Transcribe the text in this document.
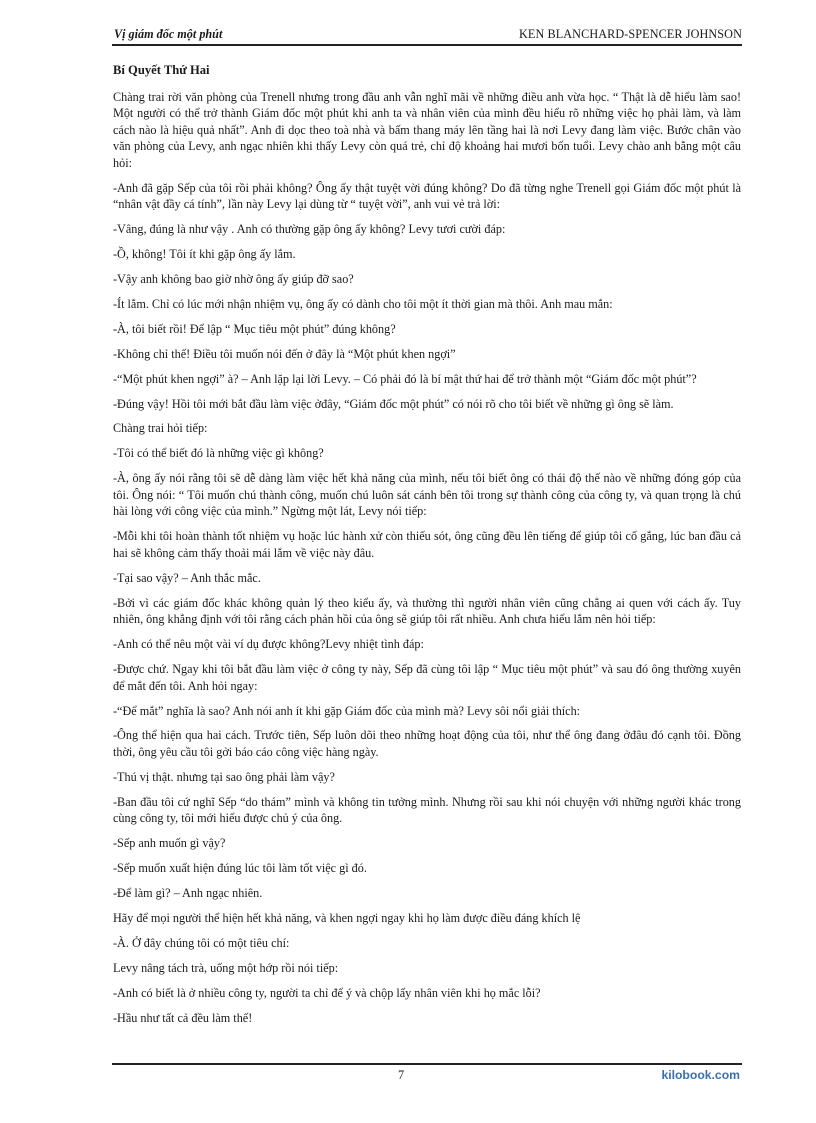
Vị giám đốc một phút	KEN BLANCHARD-SPENCER JOHNSON
Bí Quyết Thứ Hai

Chàng trai rời văn phòng của Trenell nhưng trong đầu anh vẫn nghĩ mãi về những điều anh vừa học. “ Thật là dễ hiểu làm sao! Một người có thể trở thành Giám đốc một phút khi anh ta và nhân viên của mình đều hiểu rõ những việc họ phải làm, và làm cách nào là hiệu quả nhất”. Anh đi dọc theo toà nhà và bấm thang máy lên tầng hai là nơi Levy đang làm việc. Bước chân vào văn phòng của Levy, anh ngạc nhiên khi thấy Levy còn quá trẻ, chỉ độ khoảng hai mươi bốn tuổi. Levy chào anh bằng một câu hỏi:

-Anh đã gặp Sếp của tôi rồi phải không? Ông ấy thật tuyệt vời đúng không? Do đã từng nghe Trenell gọi Giám đốc một phút là “nhân vật đầy cá tính”, lần này Levy lại dùng từ “ tuyệt vời”, anh vui vẻ trả lời:

-Vâng, đúng là như vậy . Anh có thường gặp ông ấy không? Levy tươi cười đáp:

-Ồ, không! Tôi ít khi gặp ông ấy lắm.

-Vậy anh không bao giờ nhờ ông ấy giúp đỡ sao?

-Ít lắm. Chỉ có lúc mới nhận nhiệm vụ, ông ấy có dành cho tôi một ít thời gian mà thôi. Anh mau mắn:

-À, tôi biết rồi! Để lập “ Mục tiêu một phút” đúng không?

-Không chỉ thế! Điều tôi muốn nói đến ở đây là “Một phút khen ngợi”

-“Một phút khen ngợi” à? – Anh lặp lại lời Levy. – Có phải đó là bí mật thứ hai để trở thành một “Giám đốc một phút”?

-Đúng vậy! Hồi tôi mới bắt đầu làm việc ởđây, “Giám đốc một phút” có nói rõ cho tôi biết về những gì ông sẽ làm.

Chàng trai hỏi tiếp:

-Tôi có thể biết đó là những việc gì không?

-À, ông ấy nói rằng tôi sẽ dễ dàng làm việc hết khả năng của mình, nếu tôi biết ông có thái độ thế nào về những đóng góp của tôi. Ông nói: “ Tôi muốn chú thành công, muốn chú luôn sát cánh bên tôi trong sự thành công của công ty, và quan trọng là chú hài lòng với công việc của mình.” Ngừng một lát, Levy nói tiếp:

-Mỗi khi tôi hoàn thành tốt nhiệm vụ hoặc lúc hành xử còn thiếu sót, ông cũng đều lên tiếng để giúp tôi cố gắng, lúc ban đầu cả hai sẽ không cảm thấy thoải mái lắm về việc này đâu.

-Tại sao vậy? – Anh thắc mắc.

-Bởi vì các giám đốc khác không quản lý theo kiểu ấy, và thường thì người nhân viên cũng chẳng ai quen với cách ấy. Tuy nhiên, ông khẳng định với tôi rằng cách phản hồi của ông sẽ giúp tôi rất nhiều. Anh chưa hiểu lắm nên hỏi tiếp:

-Anh có thể nêu một vài ví dụ được không?Levy nhiệt tình đáp:

-Được chứ. Ngay khi tôi bắt đầu làm việc ở công ty này, Sếp đã cùng tôi lập “ Mục tiêu một phút” và sau đó ông thường xuyên để mắt đến tôi. Anh hỏi ngay:

-“Để mắt” nghĩa là sao? Anh nói anh ít khi gặp Giám đốc của mình mà? Levy sôi nổi giải thích:

-Ông thể hiện qua hai cách. Trước tiên, Sếp luôn dõi theo những hoạt động của tôi, như thể ông đang ởđâu đó cạnh tôi. Đồng thời, ông yêu cầu tôi gởi báo cáo công việc hàng ngày.

-Thú vị thật. nhưng tại sao ông phải làm vậy?

-Ban đầu tôi cứ nghĩ Sếp “do thám” mình và không tin tưởng mình. Nhưng rồi sau khi nói chuyện với những người khác trong cùng công ty, tôi mới hiểu được chủ ý của ông.

-Sếp anh muốn gì vậy?

-Sếp muốn xuất hiện đúng lúc tôi làm tốt việc gì đó.

-Để làm gì? – Anh ngạc nhiên.

Hãy để mọi người thể hiện hết khả năng, và khen ngợi ngay khi họ làm được điều đáng khích lệ

-À. Ở đây chúng tôi có một tiêu chí:

Levy nâng tách trà, uống một hớp rồi nói tiếp:

-Anh có biết là ở nhiều công ty, người ta chỉ để ý và chộp lấy nhân viên khi họ mắc lỗi?

-Hầu như tất cả đều làm thế!

7	kilobook.com
